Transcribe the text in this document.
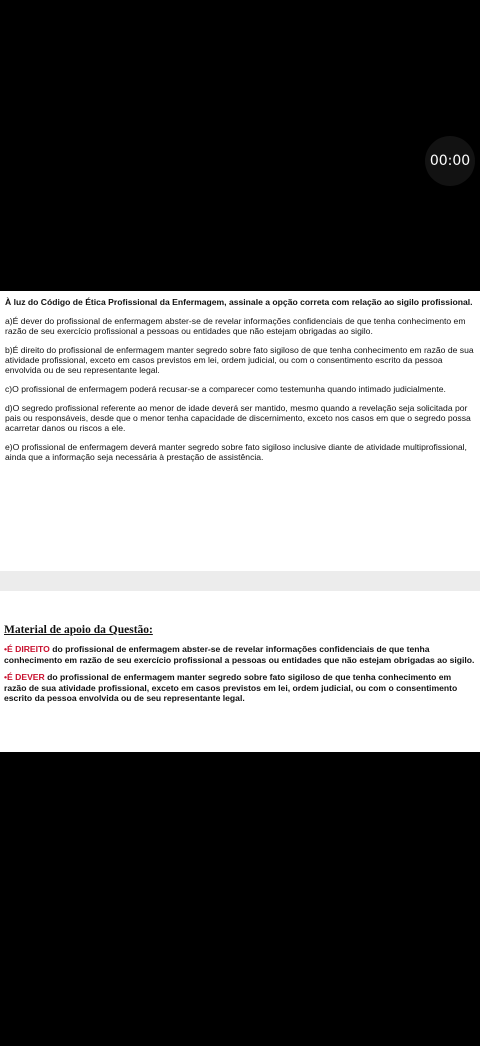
00:00

À luz do Código de Ética Profissional da Enfermagem, assinale a opção correta com relação ao sigilo profissional.

a)É dever do profissional de enfermagem abster-se de revelar informações confidenciais de que tenha conhecimento em razão de seu exercício profissional a pessoas ou entidades que não estejam obrigadas ao sigilo.

b)É direito do profissional de enfermagem manter segredo sobre fato sigiloso de que tenha conhecimento em razão de sua atividade profissional, exceto em casos previstos em lei, ordem judicial, ou com o consentimento escrito da pessoa envolvida ou de seu representante legal.

c)O profissional de enfermagem poderá recusar-se a comparecer como testemunha quando intimado judicialmente.

d)O segredo profissional referente ao menor de idade deverá ser mantido, mesmo quando a revelação seja solicitada por pais ou responsáveis, desde que o menor tenha capacidade de discernimento, exceto nos casos em que o segredo possa acarretar danos ou riscos a ele.

e)O profissional de enfermagem deverá manter segredo sobre fato sigiloso inclusive diante de atividade multiprofissional, ainda que a informação seja necessária à prestação de assistência.

Material de apoio da Questão:

•É DIREITO do profissional de enfermagem abster-se de revelar informações confidenciais de que tenha conhecimento em razão de seu exercício profissional a pessoas ou entidades que não estejam obrigadas ao sigilo.

•É DEVER do profissional de enfermagem manter segredo sobre fato sigiloso de que tenha conhecimento em razão de sua atividade profissional, exceto em casos previstos em lei, ordem judicial, ou com o consentimento escrito da pessoa envolvida ou de seu representante legal.
